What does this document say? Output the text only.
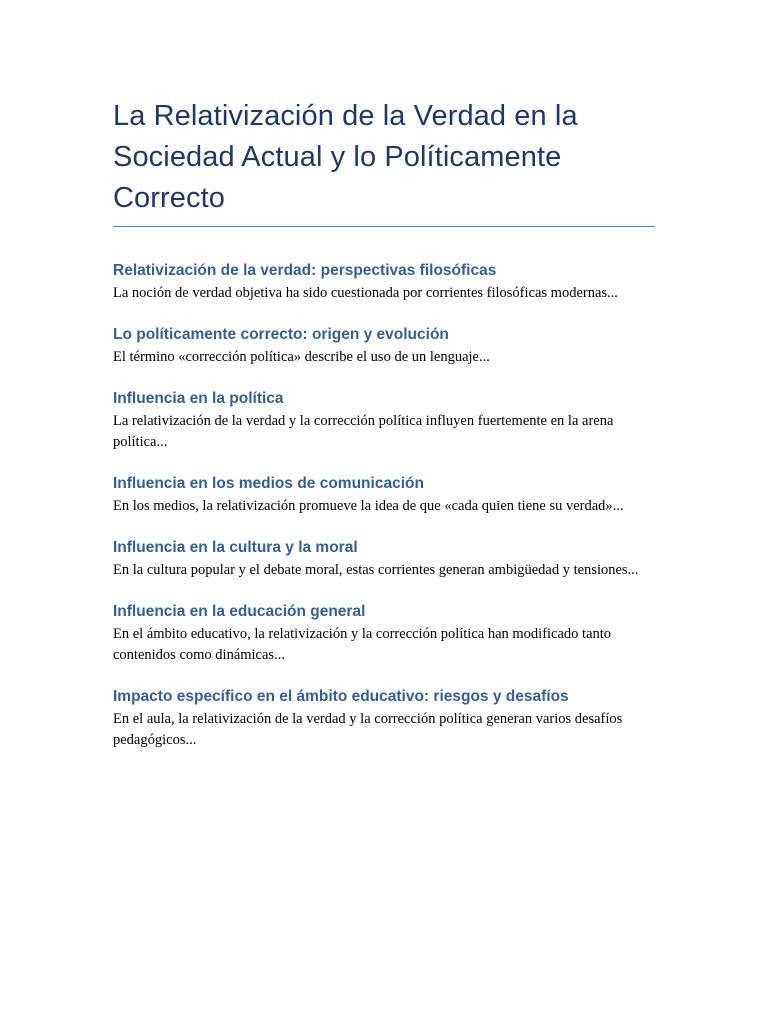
La Relativización de la Verdad en la Sociedad Actual y lo Políticamente Correcto
Relativización de la verdad: perspectivas filosóficas

La noción de verdad objetiva ha sido cuestionada por corrientes filosóficas modernas...

Lo políticamente correcto: origen y evolución

El término «corrección política» describe el uso de un lenguaje...

Influencia en la política

La relativización de la verdad y la corrección política influyen fuertemente en la arena política...

Influencia en los medios de comunicación

En los medios, la relativización promueve la idea de que «cada quien tiene su verdad»...

Influencia en la cultura y la moral

En la cultura popular y el debate moral, estas corrientes generan ambigüedad y tensiones...

Influencia en la educación general

En el ámbito educativo, la relativización y la corrección política han modificado tanto contenidos como dinámicas...

Impacto específico en el ámbito educativo: riesgos y desafíos

En el aula, la relativización de la verdad y la corrección política generan varios desafíos pedagógicos...
